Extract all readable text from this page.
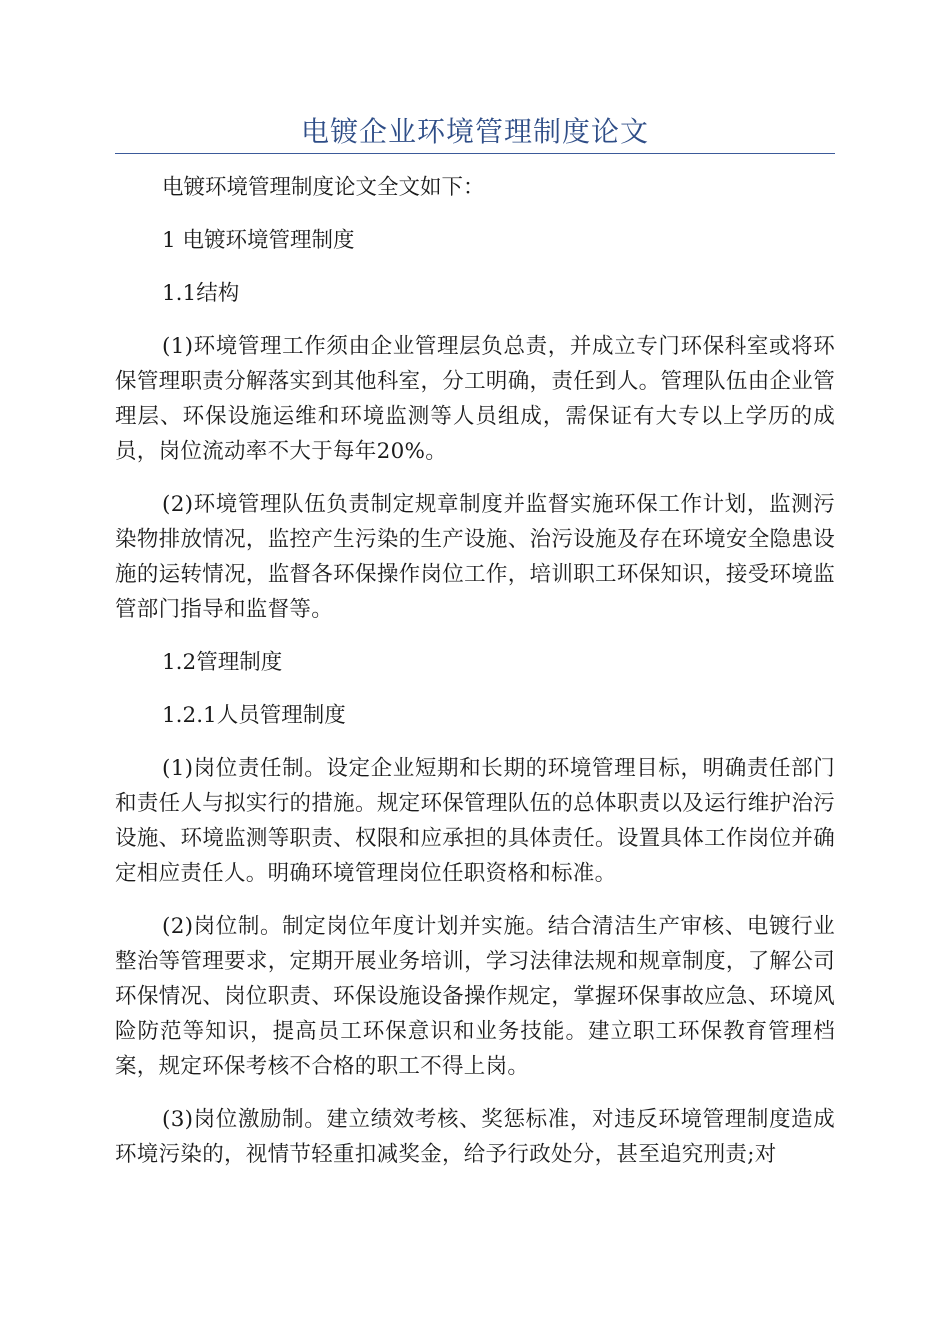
电镀企业环境管理制度论文

电镀环境管理制度论文全文如下：

1 电镀环境管理制度

1.1结构

(1)环境管理工作须由企业管理层负总责，并成立专门环保科室或将环保管理职责分解落实到其他科室，分工明确，责任到人。管理队伍由企业管理层、环保设施运维和环境监测等人员组成，需保证有大专以上学历的成员，岗位流动率不大于每年20%。

(2)环境管理队伍负责制定规章制度并监督实施环保工作计划，监测污染物排放情况，监控产生污染的生产设施、治污设施及存在环境安全隐患设施的运转情况，监督各环保操作岗位工作，培训职工环保知识，接受环境监管部门指导和监督等。

1.2管理制度

1.2.1人员管理制度

(1)岗位责任制。设定企业短期和长期的环境管理目标，明确责任部门和责任人与拟实行的措施。规定环保管理队伍的总体职责以及运行维护治污设施、环境监测等职责、权限和应承担的具体责任。设置具体工作岗位并确定相应责任人。明确环境管理岗位任职资格和标准。

(2)岗位制。制定岗位年度计划并实施。结合清洁生产审核、电镀行业整治等管理要求，定期开展业务培训，学习法律法规和规章制度，了解公司环保情况、岗位职责、环保设施设备操作规定，掌握环保事故应急、环境风险防范等知识，提高员工环保意识和业务技能。建立职工环保教育管理档案，规定环保考核不合格的职工不得上岗。

(3)岗位激励制。建立绩效考核、奖惩标准，对违反环境管理制度造成环境污染的，视情节轻重扣减奖金，给予行政处分，甚至追究刑责;对
